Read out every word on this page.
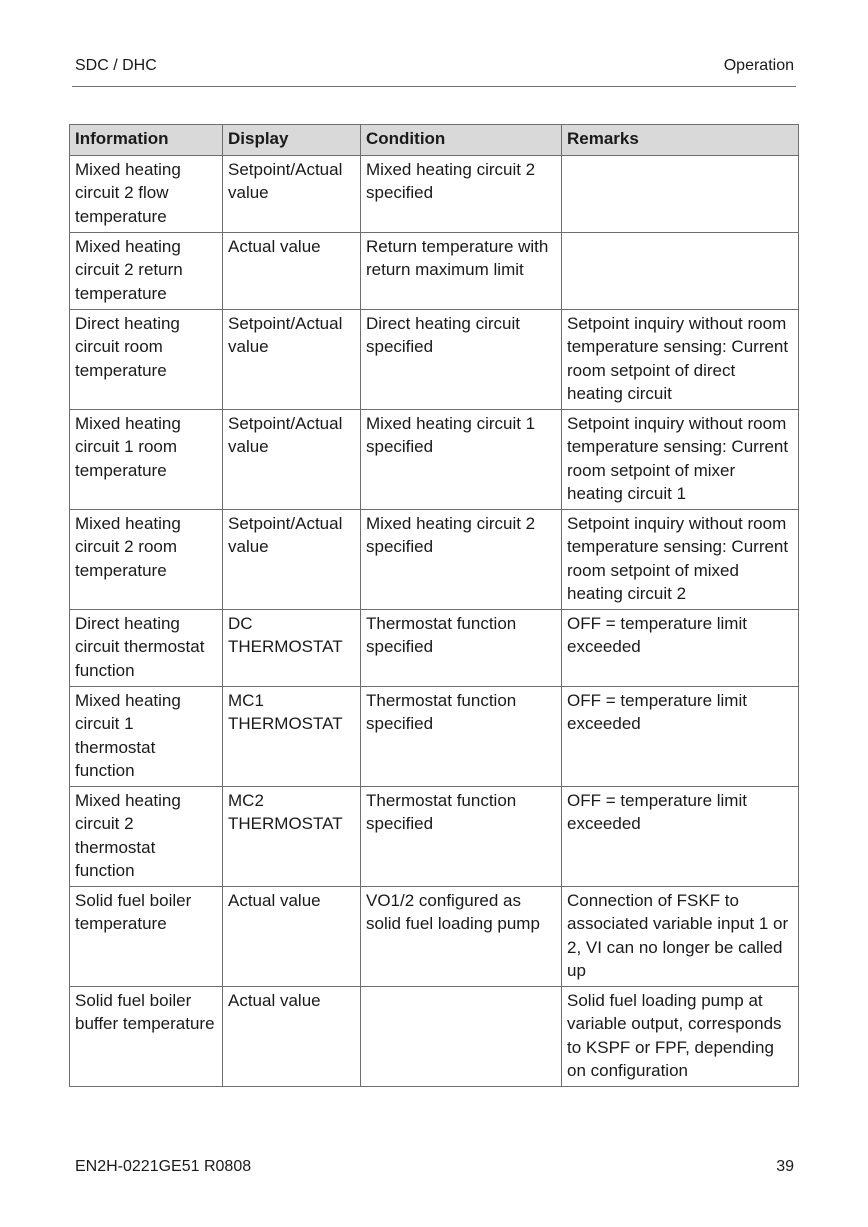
SDC / DHC	Operation
Information	Display	Condition	Remarks
Mixed heating circuit 2 flow temperature	Setpoint/Actual value	Mixed heating circuit 2 specified	
Mixed heating circuit 2 return temperature	Actual value	Return temperature with return maximum limit	
Direct heating circuit room temperature	Setpoint/Actual value	Direct heating circuit specified	Setpoint inquiry without room temperature sensing: Current room setpoint of direct heating circuit
Mixed heating circuit 1 room temperature	Setpoint/Actual value	Mixed heating circuit 1 specified	Setpoint inquiry without room temperature sensing: Current room setpoint of mixer heating circuit 1
Mixed heating circuit 2 room temperature	Setpoint/Actual value	Mixed heating circuit 2 specified	Setpoint inquiry without room temperature sensing: Current room setpoint of mixed heating circuit 2
Direct heating circuit thermostat function	DC THERMOSTAT	Thermostat function specified	OFF = temperature limit exceeded
Mixed heating circuit 1 thermostat function	MC1 THERMOSTAT	Thermostat function specified	OFF = temperature limit exceeded
Mixed heating circuit 2 thermostat function	MC2 THERMOSTAT	Thermostat function specified	OFF = temperature limit exceeded
Solid fuel boiler temperature	Actual value	VO1/2 configured as solid fuel loading pump	Connection of FSKF to associated variable input 1 or 2, VI can no longer be called up
Solid fuel boiler buffer temperature	Actual value		Solid fuel loading pump at variable output, corresponds to KSPF or FPF, depending on configuration
EN2H-0221GE51 R0808	39
